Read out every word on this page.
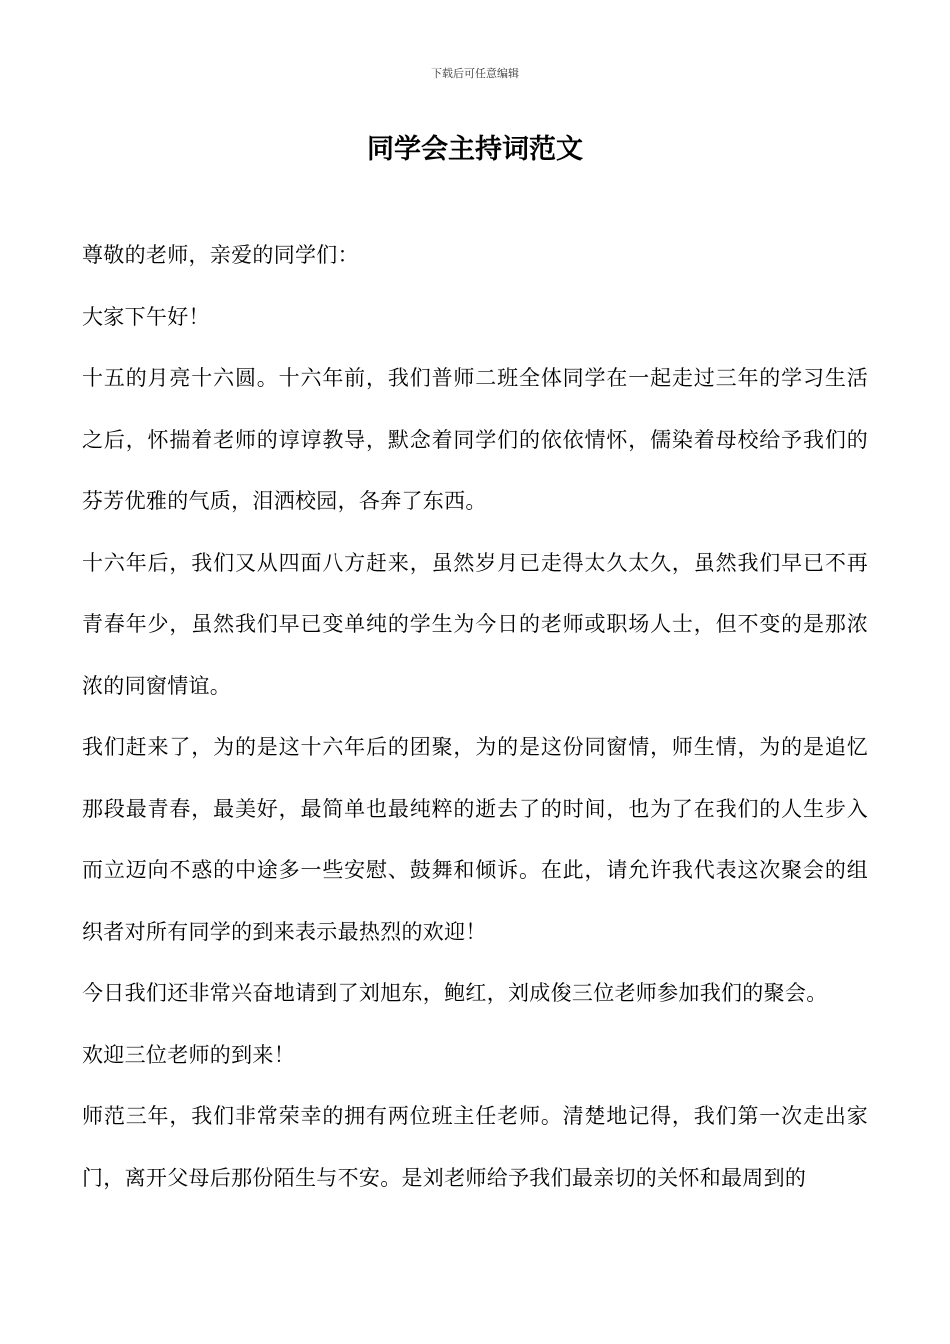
下载后可任意编辑
同学会主持词范文

尊敬的老师，亲爱的同学们：

大家下午好！

十五的月亮十六圆。十六年前，我们普师二班全体同学在一起走过三年的学习生活之后，怀揣着老师的谆谆教导，默念着同学们的依依情怀，儒染着母校给予我们的芬芳优雅的气质，泪洒校园，各奔了东西。

十六年后，我们又从四面八方赶来，虽然岁月已走得太久太久，虽然我们早已不再青春年少，虽然我们早已变单纯的学生为今日的老师或职场人士，但不变的是那浓浓的同窗情谊。

我们赶来了，为的是这十六年后的团聚，为的是这份同窗情，师生情，为的是追忆那段最青春，最美好，最简单也最纯粹的逝去了的时间，也为了在我们的人生步入而立迈向不惑的中途多一些安慰、鼓舞和倾诉。在此，请允许我代表这次聚会的组织者对所有同学的到来表示最热烈的欢迎！

今日我们还非常兴奋地请到了刘旭东，鲍红，刘成俊三位老师参加我们的聚会。

欢迎三位老师的到来！

师范三年，我们非常荣幸的拥有两位班主任老师。清楚地记得，我们第一次走出家门，离开父母后那份陌生与不安。是刘老师给予我们最亲切的关怀和最周到的
